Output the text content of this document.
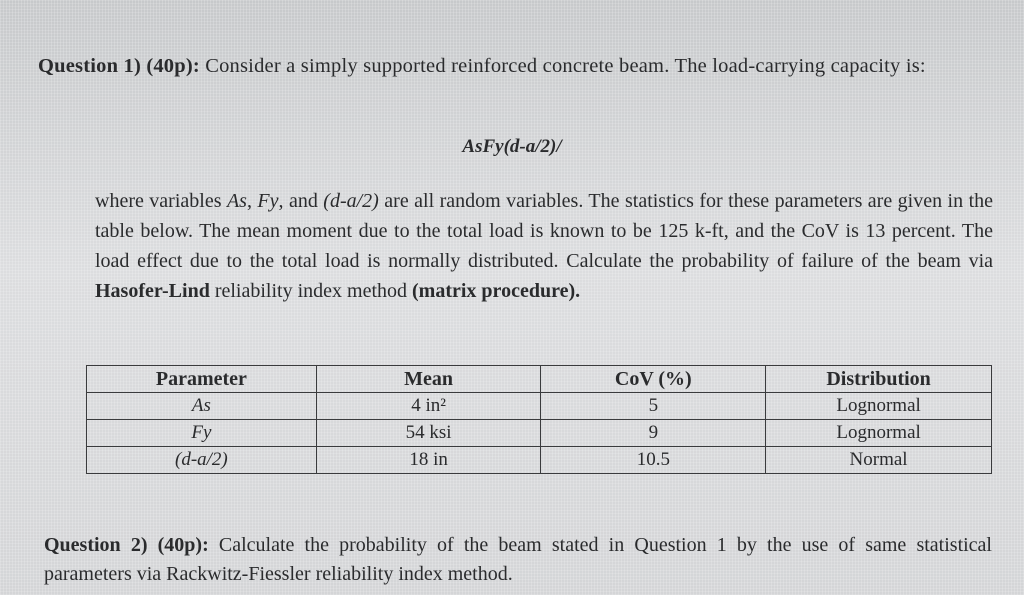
Question 1) (40p): Consider a simply supported reinforced concrete beam. The load-carrying capacity is:
AsFy(d-a/2)/
where variables As, Fy, and (d-a/2) are all random variables. The statistics for these parameters are given in the table below. The mean moment due to the total load is known to be 125 k-ft, and the CoV is 13 percent. The load effect due to the total load is normally distributed. Calculate the probability of failure of the beam via Hasofer-Lind reliability index method (matrix procedure).
Parameter	Mean	CoV (%)	Distribution
As	4 in²	5	Lognormal
Fy	54 ksi	9	Lognormal
(d-a/2)	18 in	10.5	Normal
Question 2) (40p): Calculate the probability of the beam stated in Question 1 by the use of same statistical parameters via Rackwitz-Fiessler reliability index method.
